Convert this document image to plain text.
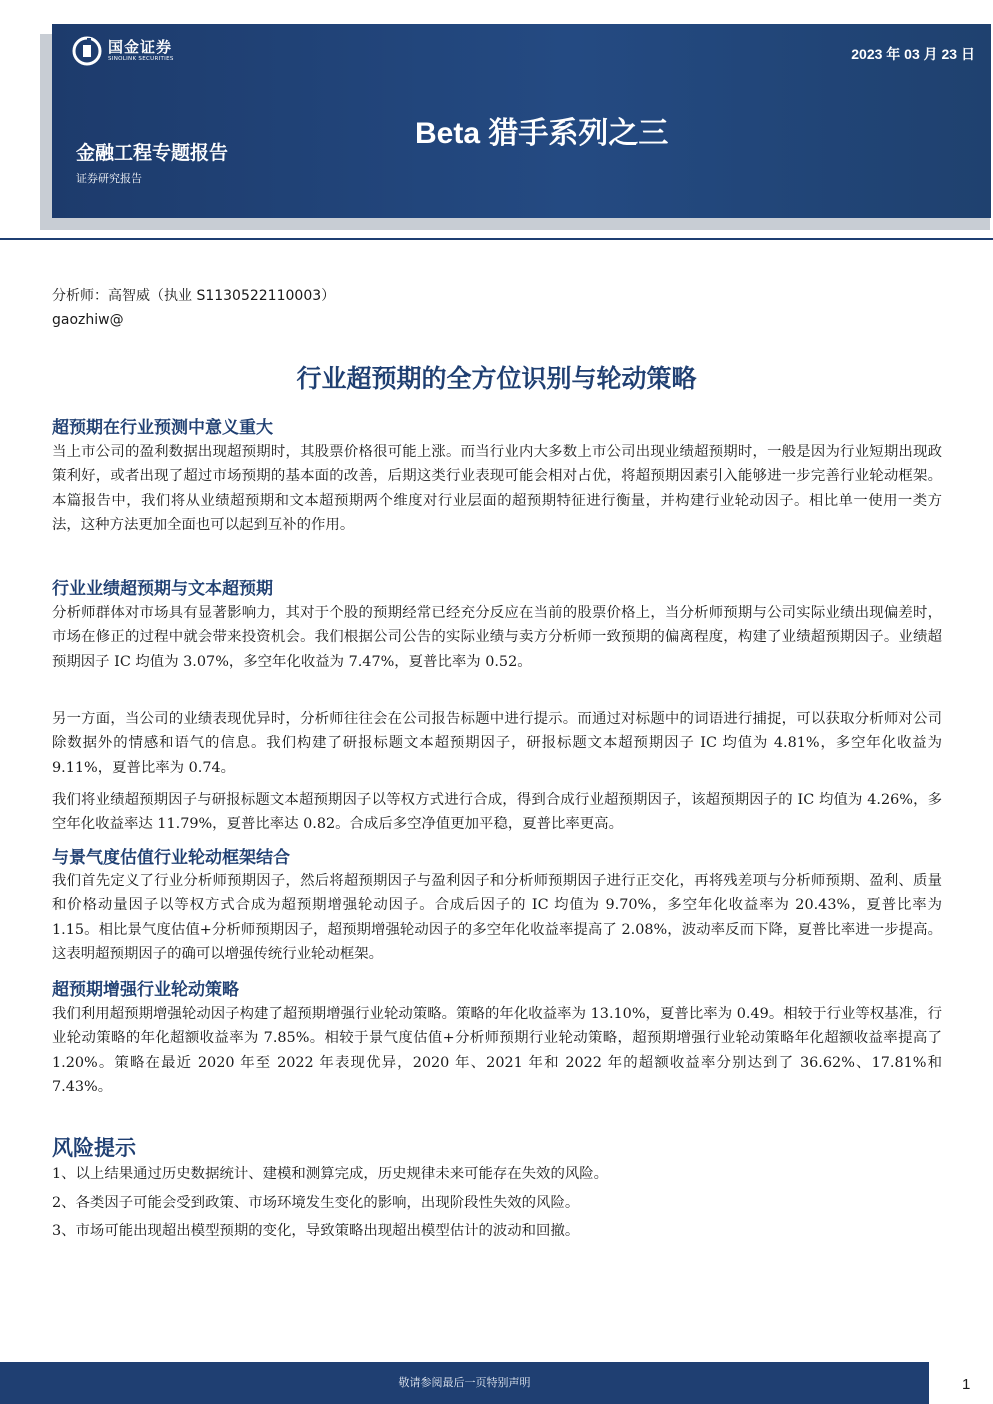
国金证券
SINOLINK SECURITIES	2023 年 03 月 23 日
Beta 猎手系列之三
金融工程专题报告
证券研究报告
分析师：高智威（执业 S1130522110003）
gaozhiw@
行业超预期的全方位识别与轮动策略
超预期在行业预测中意义重大

当上市公司的盈利数据出现超预期时，其股票价格很可能上涨。而当行业内大多数上市公司出现业绩超预期时，一般是因为行业短期出现政策利好，或者出现了超过市场预期的基本面的改善，后期这类行业表现可能会相对占优，将超预期因素引入能够进一步完善行业轮动框架。本篇报告中，我们将从业绩超预期和文本超预期两个维度对行业层面的超预期特征进行衡量，并构建行业轮动因子。相比单一使用一类方法，这种方法更加全面也可以起到互补的作用。

行业业绩超预期与文本超预期

分析师群体对市场具有显著影响力，其对于个股的预期经常已经充分反应在当前的股票价格上，当分析师预期与公司实际业绩出现偏差时，市场在修正的过程中就会带来投资机会。我们根据公司公告的实际业绩与卖方分析师一致预期的偏离程度，构建了业绩超预期因子。业绩超预期因子 IC 均值为 3.07%，多空年化收益为 7.47%，夏普比率为 0.52。

另一方面，当公司的业绩表现优异时，分析师往往会在公司报告标题中进行提示。而通过对标题中的词语进行捕捉，可以获取分析师对公司除数据外的情感和语气的信息。我们构建了研报标题文本超预期因子，研报标题文本超预期因子 IC 均值为 4.81%，多空年化收益为 9.11%，夏普比率为 0.74。

我们将业绩超预期因子与研报标题文本超预期因子以等权方式进行合成，得到合成行业超预期因子，该超预期因子的 IC 均值为 4.26%，多空年化收益率达 11.79%，夏普比率达 0.82。合成后多空净值更加平稳，夏普比率更高。

与景气度估值行业轮动框架结合

我们首先定义了行业分析师预期因子，然后将超预期因子与盈利因子和分析师预期因子进行正交化，再将残差项与分析师预期、盈利、质量和价格动量因子以等权方式合成为超预期增强轮动因子。合成后因子的 IC 均值为 9.70%，多空年化收益率为 20.43%，夏普比率为 1.15。相比景气度估值+分析师预期因子，超预期增强轮动因子的多空年化收益率提高了 2.08%，波动率反而下降，夏普比率进一步提高。这表明超预期因子的确可以增强传统行业轮动框架。

超预期增强行业轮动策略

我们利用超预期增强轮动因子构建了超预期增强行业轮动策略。策略的年化收益率为 13.10%，夏普比率为 0.49。相较于行业等权基准，行业轮动策略的年化超额收益率为 7.85%。相较于景气度估值+分析师预期行业轮动策略，超预期增强行业轮动策略年化超额收益率提高了 1.20%。策略在最近 2020 年至 2022 年表现优异，2020 年、2021 年和 2022 年的超额收益率分别达到了 36.62%、17.81%和 7.43%。

风险提示
1、以上结果通过历史数据统计、建模和测算完成，历史规律未来可能存在失效的风险。
2、各类因子可能会受到政策、市场环境发生变化的影响，出现阶段性失效的风险。
3、市场可能出现超出模型预期的变化，导致策略出现超出模型估计的波动和回撤。
敬请参阅最后一页特别声明	1
